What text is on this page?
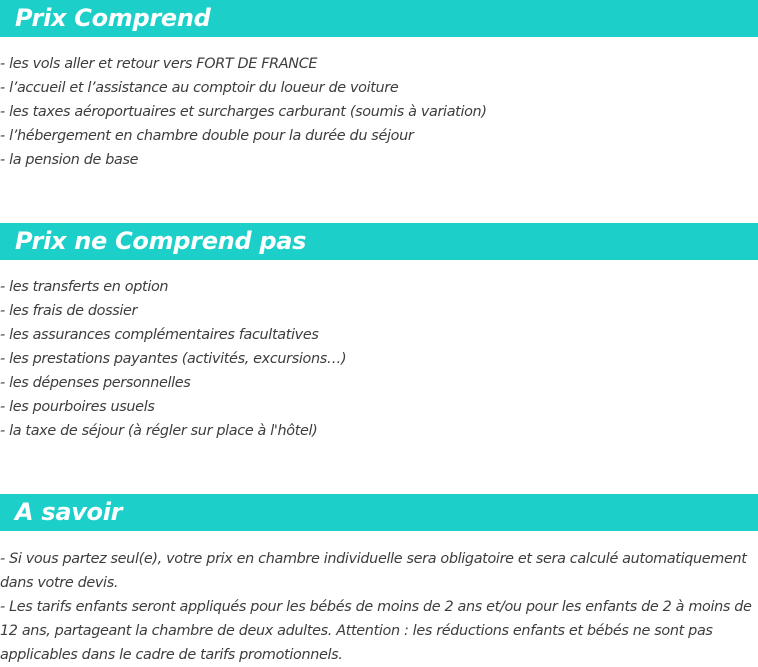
Prix Comprend
- les vols aller et retour vers FORT DE FRANCE
- l’accueil et l’assistance au comptoir du loueur de voiture
- les taxes aéroportuaires et surcharges carburant (soumis à variation)
- l’hébergement en chambre double pour la durée du séjour
- la pension de base
Prix ne Comprend pas
- les transferts en option
- les frais de dossier
- les assurances complémentaires facultatives
- les prestations payantes (activités, excursions…)
- les dépenses personnelles
- les pourboires usuels
- la taxe de séjour (à régler sur place à l'hôtel)
A savoir
- Si vous partez seul(e), votre prix en chambre individuelle sera obligatoire et sera calculé automatiquement dans votre devis.
- Les tarifs enfants seront appliqués pour les bébés de moins de 2 ans et/ou pour les enfants de 2 à moins de 12 ans, partageant la chambre de deux adultes. Attention : les réductions enfants et bébés ne sont pas applicables dans le cadre de tarifs promotionnels.
